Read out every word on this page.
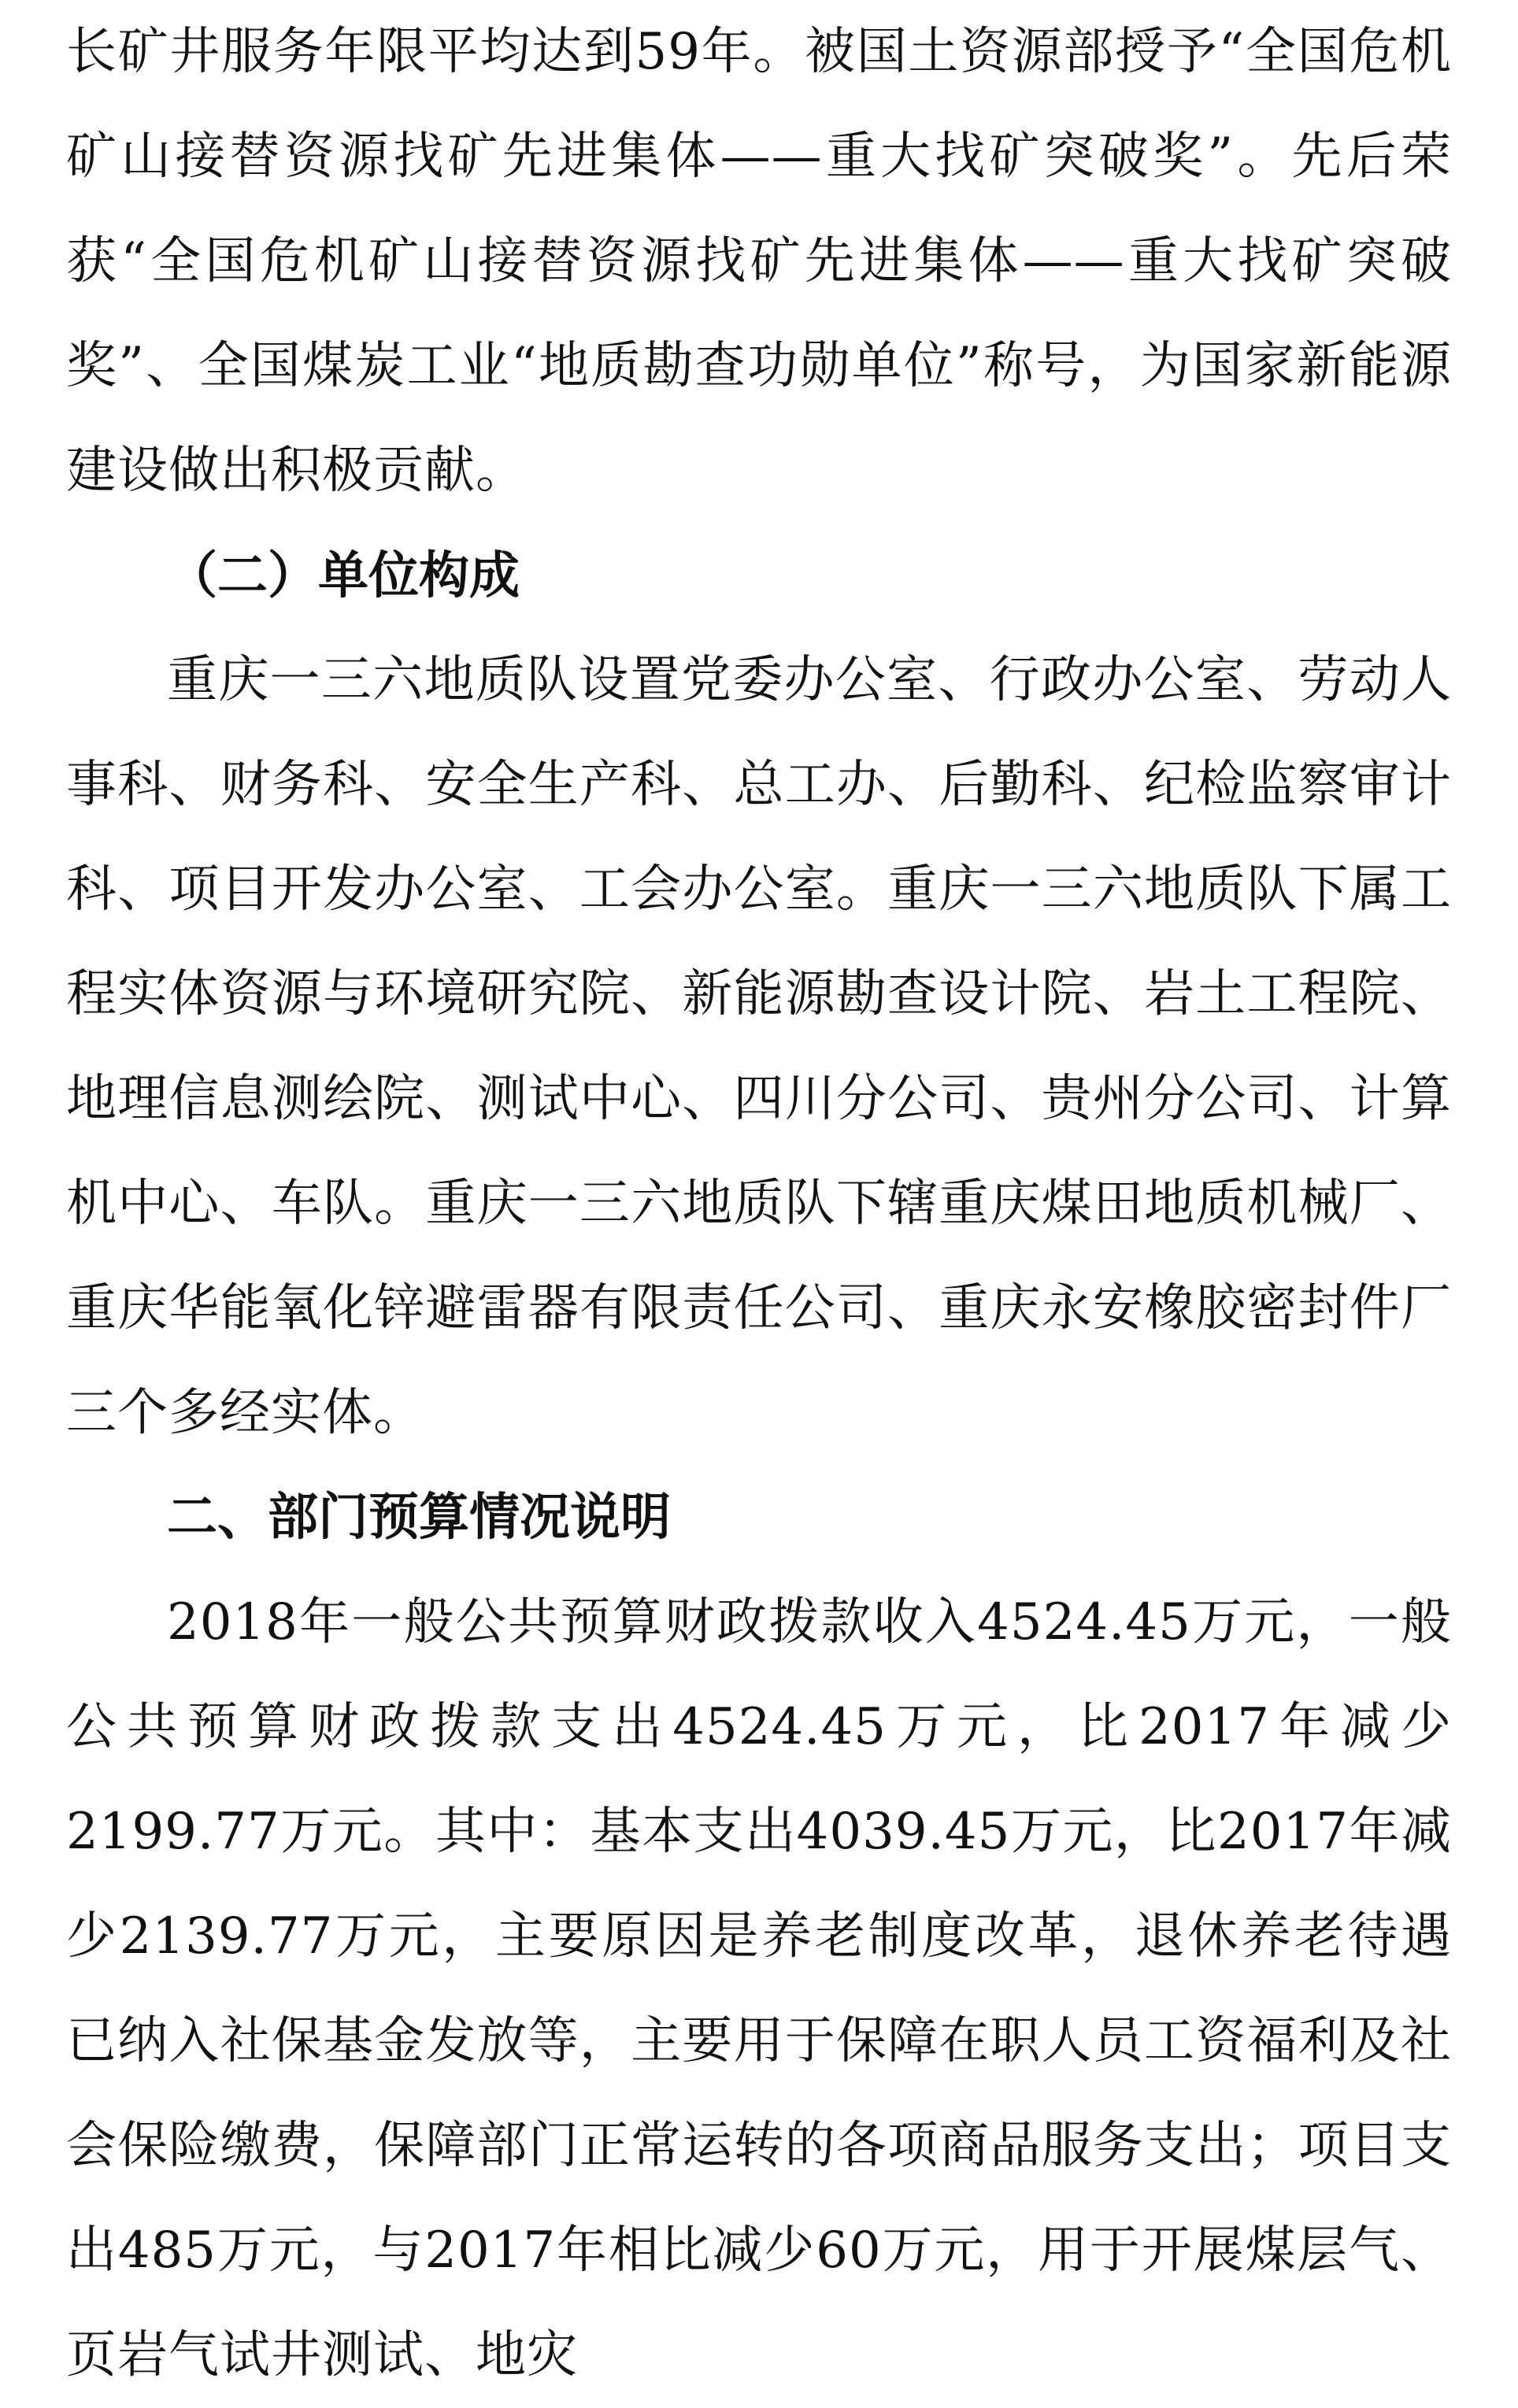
长矿井服务年限平均达到59年。被国土资源部授予“全国危机矿山接替资源找矿先进集体——重大找矿突破奖”。先后荣获“全国危机矿山接替资源找矿先进集体——重大找矿突破奖”、全国煤炭工业“地质勘查功勋单位”称号，为国家新能源建设做出积极贡献。

（二）单位构成

重庆一三六地质队设置党委办公室、行政办公室、劳动人事科、财务科、安全生产科、总工办、后勤科、纪检监察审计科、项目开发办公室、工会办公室。重庆一三六地质队下属工程实体资源与环境研究院、新能源勘查设计院、岩土工程院、地理信息测绘院、测试中心、四川分公司、贵州分公司、计算机中心、车队。重庆一三六地质队下辖重庆煤田地质机械厂、重庆华能氧化锌避雷器有限责任公司、重庆永安橡胶密封件厂三个多经实体。

二、部门预算情况说明

2018年一般公共预算财政拨款收入4524.45万元，一般公共预算财政拨款支出4524.45万元，比2017年减少2199.77万元。其中：基本支出4039.45万元，比2017年减少2139.77万元，主要原因是养老制度改革，退休养老待遇已纳入社保基金发放等，主要用于保障在职人员工资福利及社会保险缴费，保障部门正常运转的各项商品服务支出；项目支出485万元，与2017年相比减少60万元，用于开展煤层气、页岩气试井测试、地灾
